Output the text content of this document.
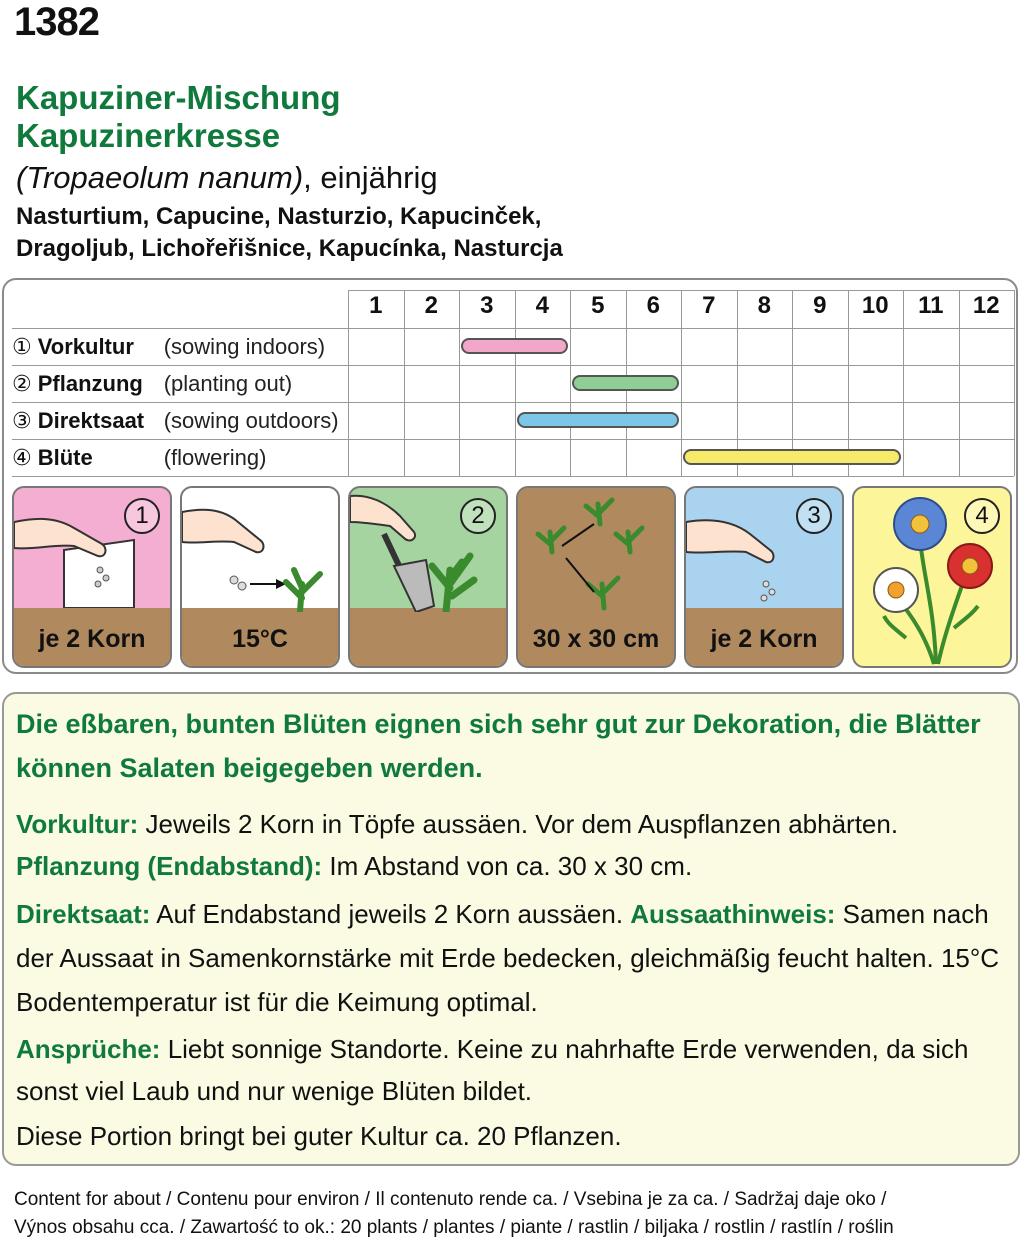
1382
Kapuziner-Mischung
Kapuzinerkresse
(Tropaeolum nanum), einjährig
Nasturtium, Capucine, Nasturzio, Kapucinček,
Dragoljub, Lichořeřišnice, Kapucínka, Nasturcja
1	2	3	4	5	6	7	8	9	10	11	12
① Vorkultur (sowing indoors)
② Pflanzung (planting out)
③ Direktsaat (sowing outdoors)
④ Blüte	(flowering)
1
je 2 Korn	15°C
2
30 x 30 cm
3
je 2 Korn
4
Die eßbaren, bunten Blüten eignen sich sehr gut zur Dekoration, die Blätter können Salaten beigegeben werden.
Vorkultur: Jeweils 2 Korn in Töpfe aussäen. Vor dem Auspflanzen abhärten.
Pflanzung (Endabstand): Im Abstand von ca. 30 x 30 cm.
Direktsaat: Auf Endabstand jeweils 2 Korn aussäen. Aussaathinweis: Samen nach der Aussaat in Samenkornstärke mit Erde bedecken, gleichmäßig feucht halten. 15°C Bodentemperatur ist für die Keimung optimal.
Ansprüche: Liebt sonnige Standorte. Keine zu nahrhafte Erde verwenden, da sich sonst viel Laub und nur wenige Blüten bildet.
Diese Portion bringt bei guter Kultur ca. 20 Pflanzen.
Content for about / Contenu pour environ / Il contenuto rende ca. / Vsebina je za ca. / Sadržaj daje oko /
Výnos obsahu cca. / Zawartość to ok.: 20 plants / plantes / piante / rastlin / biljaka / rostlin / rastlín / roślin
